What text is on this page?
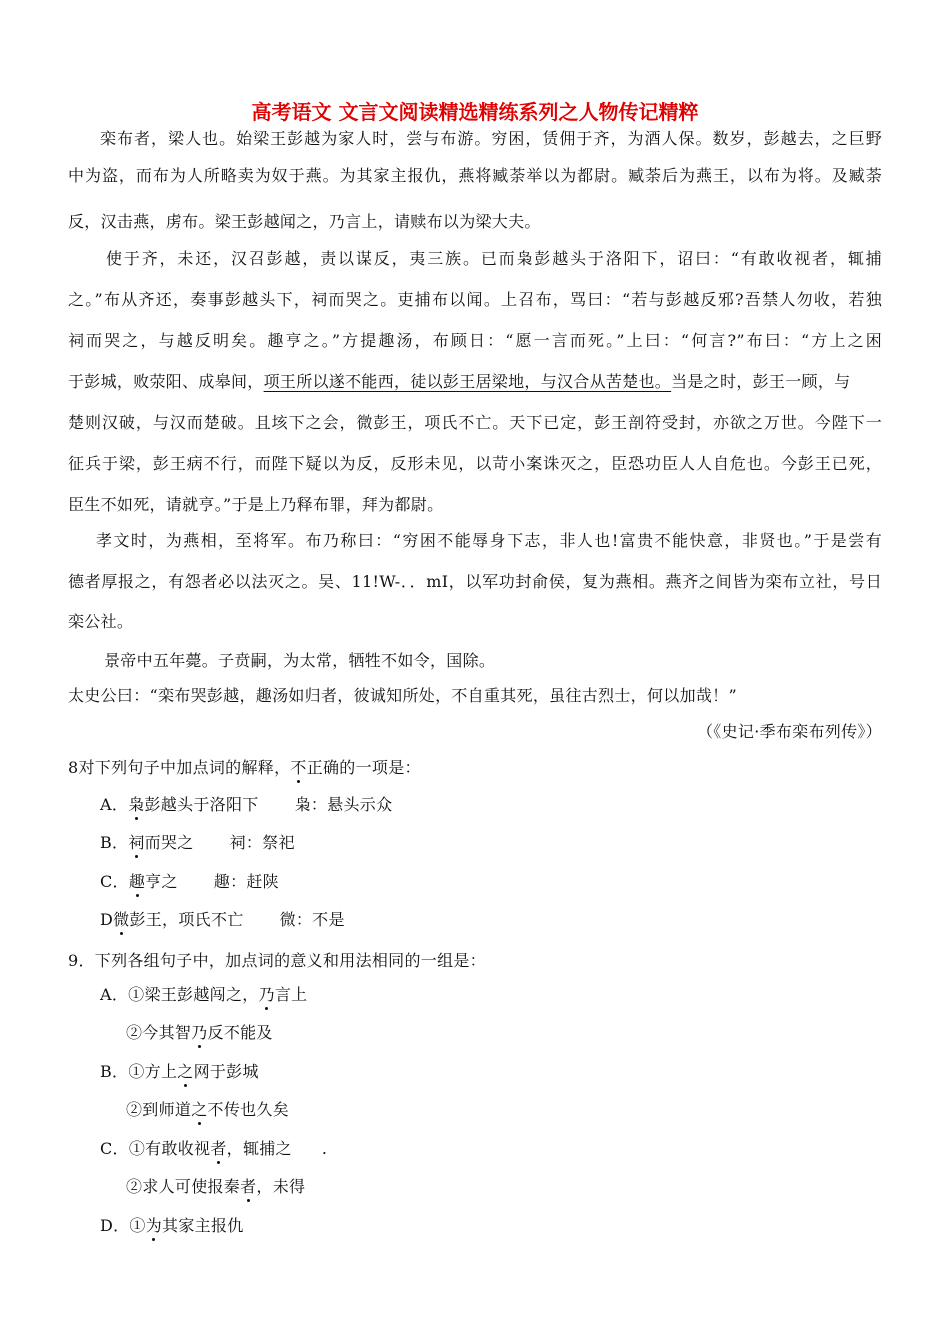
高考语文 文言文阅读精选精练系列之人物传记精粹
栾布者，梁人也。始梁王彭越为家人时，尝与布游。穷困，赁佣于齐，为酒人保。数岁，彭越去，之巨野
中为盗，而布为人所略卖为奴于燕。为其家主报仇，燕将臧荼举以为都尉。臧荼后为燕王，以布为将。及臧荼
反，汉击燕，虏布。梁王彭越闻之，乃言上，请赎布以为梁大夫。
使于齐，未还，汉召彭越，责以谋反，夷三族。已而枭彭越头于洛阳下，诏曰：“有敢收视者，辄捕
之。”布从齐还，奏事彭越头下，祠而哭之。吏捕布以闻。上召布，骂曰：“若与彭越反邪?吾禁人勿收，若独
祠而哭之，与越反明矣。趣亨之。”方提趣汤，布顾日：“愿一言而死。”上曰：“何言?”布曰：“方上之困
于彭城，败荥阳、成皋间，项王所以遂不能西，徒以彭王居梁地，与汉合从苦楚也。当是之时，彭王一顾，与
楚则汉破，与汉而楚破。且垓下之会，微彭王，项氏不亡。天下已定，彭王剖符受封，亦欲之万世。今陛下一
征兵于梁，彭王病不行，而陛下疑以为反，反形未见，以苛小案诛灭之，臣恐功臣人人自危也。今彭王已死，
臣生不如死，请就亨。”于是上乃释布罪，拜为都尉。
孝文时，为燕相，至将军。布乃称曰：“穷困不能辱身下志，非人也!富贵不能快意，非贤也。”于是尝有
德者厚报之，有怨者必以法灭之。吴、11!W-．．mI，以军功封俞侯，复为燕相。燕齐之间皆为栾布立社，号日
栾公社。
景帝中五年薨。子贲嗣，为太常，牺牲不如令，国除。
太史公曰：“栾布哭彭越，趣汤如归者，彼诚知所处，不自重其死，虽往古烈士，何以加哉！”
（《史记·季布栾布列传》）
8对下列句子中加点词的解释，不正确的一项是：
A．枭彭越头于洛阳下 枭：悬头示众
B．祠而哭之 祠：祭祀
C．趣亨之 趣：赶陕
D微彭王，项氏不亡 微：不是
9．下列各组句子中，加点词的意义和用法相同的一组是：
A．①梁王彭越闯之，乃言上
②今其智乃反不能及
B．①方上之网于彭城
②到师道之不传也久矣
C．①有敢收视者，辄捕之 .
②求人可使报秦者，未得
D．①为其家主报仇
